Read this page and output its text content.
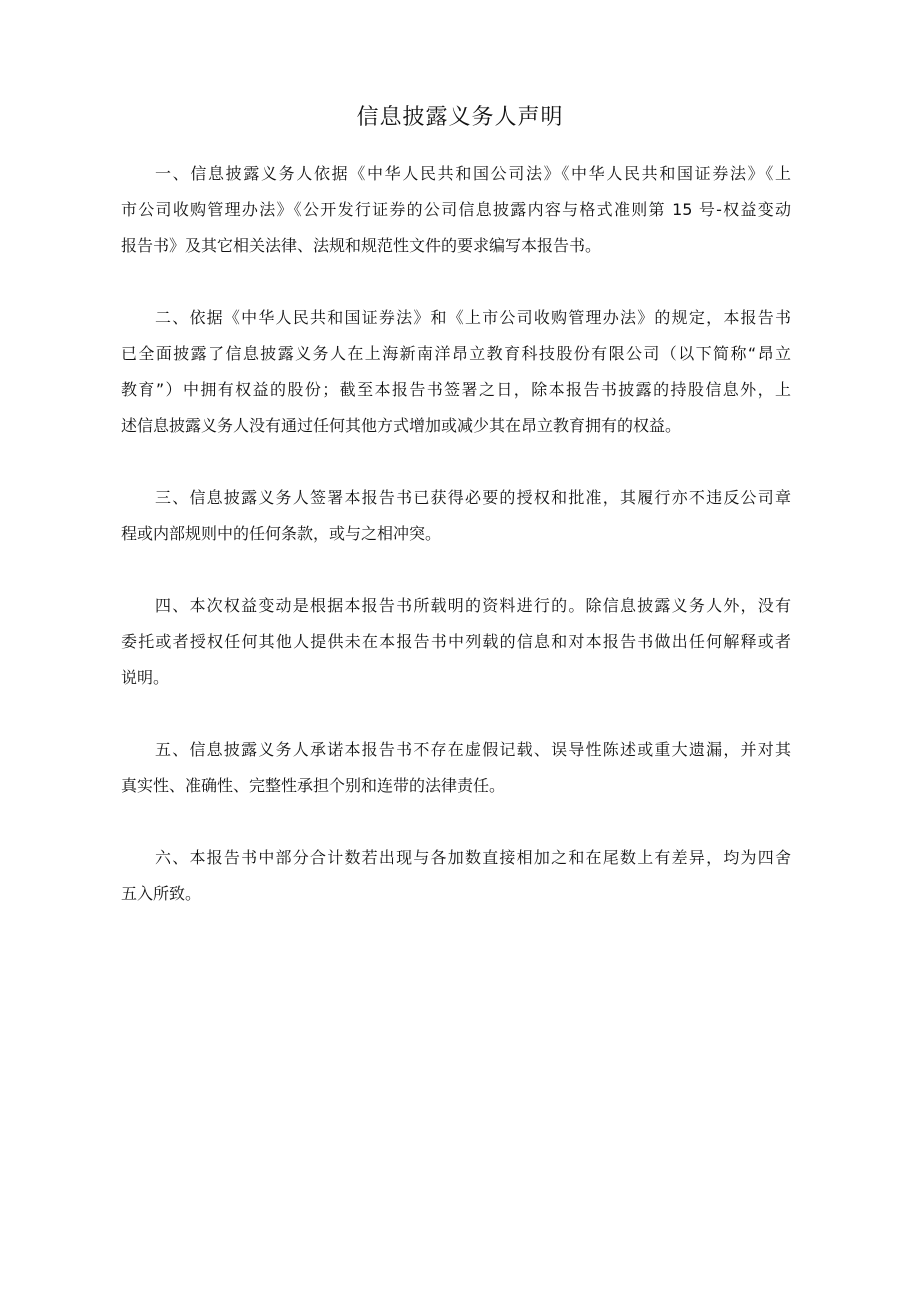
信息披露义务人声明
一、信息披露义务人依据《中华人民共和国公司法》《中华人民共和国证券法》《上
市公司收购管理办法》《公开发行证券的公司信息披露内容与格式准则第 15 号-权益变动
报告书》及其它相关法律、法规和规范性文件的要求编写本报告书。
二、依据《中华人民共和国证券法》和《上市公司收购管理办法》的规定，本报告书
已全面披露了信息披露义务人在上海新南洋昂立教育科技股份有限公司（以下简称“昂立
教育”）中拥有权益的股份；截至本报告书签署之日，除本报告书披露的持股信息外，上
述信息披露义务人没有通过任何其他方式增加或减少其在昂立教育拥有的权益。
三、信息披露义务人签署本报告书已获得必要的授权和批准，其履行亦不违反公司章
程或内部规则中的任何条款，或与之相冲突。
四、本次权益变动是根据本报告书所载明的资料进行的。除信息披露义务人外，没有
委托或者授权任何其他人提供未在本报告书中列载的信息和对本报告书做出任何解释或者
说明。
五、信息披露义务人承诺本报告书不存在虚假记载、误导性陈述或重大遗漏，并对其
真实性、准确性、完整性承担个别和连带的法律责任。
六、本报告书中部分合计数若出现与各加数直接相加之和在尾数上有差异，均为四舍
五入所致。
